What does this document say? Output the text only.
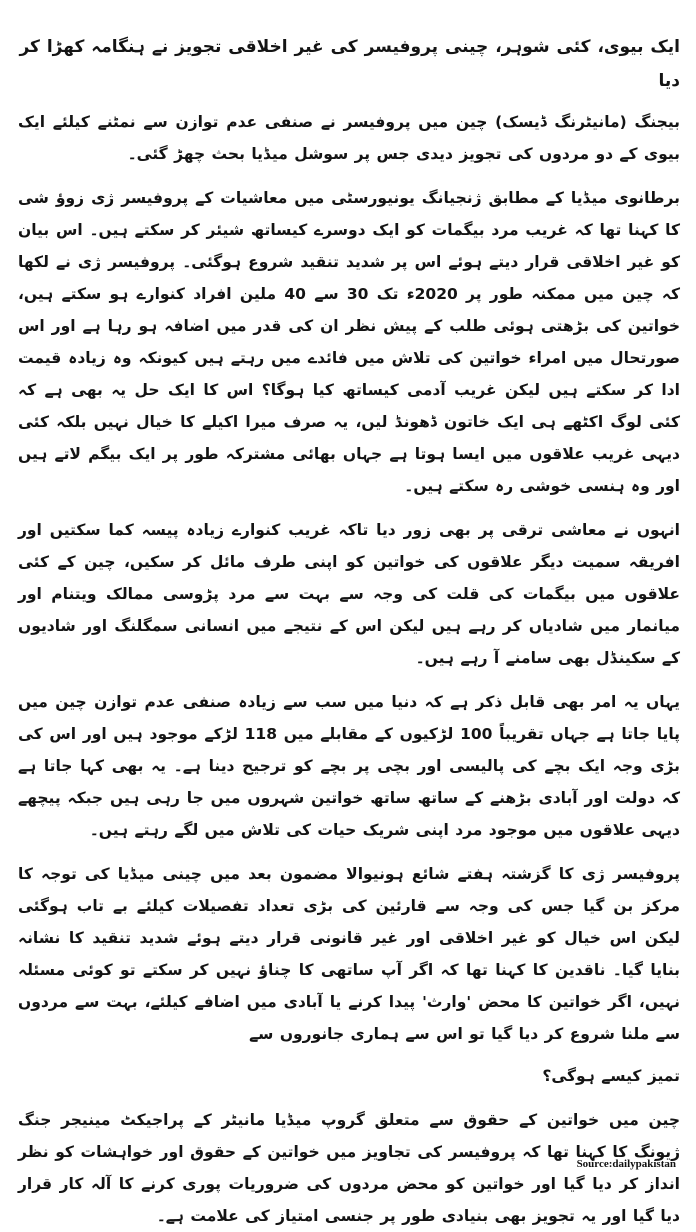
ایک بیوی، کئی شوہر، چینی پروفیسر کی غیر اخلاقی تجویز نے ہنگامہ کھڑا کر دیا

بیجنگ (مانیٹرنگ ڈیسک) چین میں پروفیسر نے صنفی عدم توازن سے نمٹنے کیلئے ایک بیوی کے دو مردوں کی تجویز دیدی جس پر سوشل میڈیا بحث چھڑ گئی۔

برطانوی میڈیا کے مطابق ژنجیانگ یونیورسٹی میں معاشیات کے پروفیسر ژی زوؤ شی کا کہنا تھا کہ غریب مرد بیگمات کو ایک دوسرے کیساتھ شیئر کر سکتے ہیں۔ اس بیان کو غیر اخلاقی قرار دیتے ہوئے اس پر شدید تنقید شروع ہوگئی۔ پروفیسر ژی نے لکھا کہ چین میں ممکنہ طور پر 2020ء تک 30 سے 40 ملین افراد کنوارے ہو سکتے ہیں، خواتین کی بڑھتی ہوئی طلب کے پیش نظر ان کی قدر میں اضافہ ہو رہا ہے اور اس صورتحال میں امراء خواتین کی تلاش میں فائدے میں رہتے ہیں کیونکہ وہ زیادہ قیمت ادا کر سکتے ہیں لیکن غریب آدمی کیساتھ کیا ہوگا؟ اس کا ایک حل یہ بھی ہے کہ کئی لوگ اکٹھے ہی ایک خاتون ڈھونڈ لیں، یہ صرف میرا اکیلے کا خیال نہیں بلکہ کئی دیہی غریب علاقوں میں ایسا ہوتا ہے جہاں بھائی مشترکہ طور پر ایک بیگم لاتے ہیں اور وہ ہنسی خوشی رہ سکتے ہیں۔

انہوں نے معاشی ترقی پر بھی زور دیا تاکہ غریب کنوارے زیادہ پیسہ کما سکتیں اور افریقہ سمیت دیگر علاقوں کی خواتین کو اپنی طرف مائل کر سکیں، چین کے کئی علاقوں میں بیگمات کی قلت کی وجہ سے بہت سے مرد پڑوسی ممالک ویتنام اور میانمار میں شادیاں کر رہے ہیں لیکن اس کے نتیجے میں انسانی سمگلنگ اور شادیوں کے سکینڈل بھی سامنے آ رہے ہیں۔

یہاں یہ امر بھی قابل ذکر ہے کہ دنیا میں سب سے زیادہ صنفی عدم توازن چین میں پایا جاتا ہے جہاں تقریباً 100 لڑکیوں کے مقابلے میں 118 لڑکے موجود ہیں اور اس کی بڑی وجہ ایک بچے کی پالیسی اور بچی پر بچے کو ترجیح دینا ہے۔ یہ بھی کہا جاتا ہے کہ دولت اور آبادی بڑھنے کے ساتھ ساتھ خواتین شہروں میں جا رہی ہیں جبکہ پیچھے دیہی علاقوں میں موجود مرد اپنی شریک حیات کی تلاش میں لگے رہتے ہیں۔

پروفیسر ژی کا گزشتہ ہفتے شائع ہونیوالا مضمون بعد میں چینی میڈیا کی توجہ کا مرکز بن گیا جس کی وجہ سے قارئین کی بڑی تعداد تفصیلات کیلئے بے تاب ہوگئی لیکن اس خیال کو غیر اخلاقی اور غیر قانونی قرار دیتے ہوئے شدید تنقید کا نشانہ بنایا گیا۔ ناقدین کا کہنا تھا کہ اگر آپ ساتھی کا چناؤ نہیں کر سکتے تو کوئی مسئلہ نہیں، اگر خواتین کا محض 'وارث' پیدا کرنے یا آبادی میں اضافے کیلئے، بہت سے مردوں سے ملنا شروع کر دیا گیا تو اس سے ہماری جانوروں سے

تمیز کیسے ہوگی؟

چین میں خواتین کے حقوق سے متعلق گروپ میڈیا مانیٹر کے پراجیکٹ مینیجر جنگ ژیونگ کا کہنا تھا کہ پروفیسر کی تجاویز میں خواتین کے حقوق اور خواہشات کو نظر انداز کر دیا گیا اور خواتین کو محض مردوں کی ضروریات پوری کرنے کا آلہ کار قرار دیا گیا اور یہ تجویز بھی بنیادی طور پر جنسی امتیاز کی علامت ہے۔

Source:dailypakistan
